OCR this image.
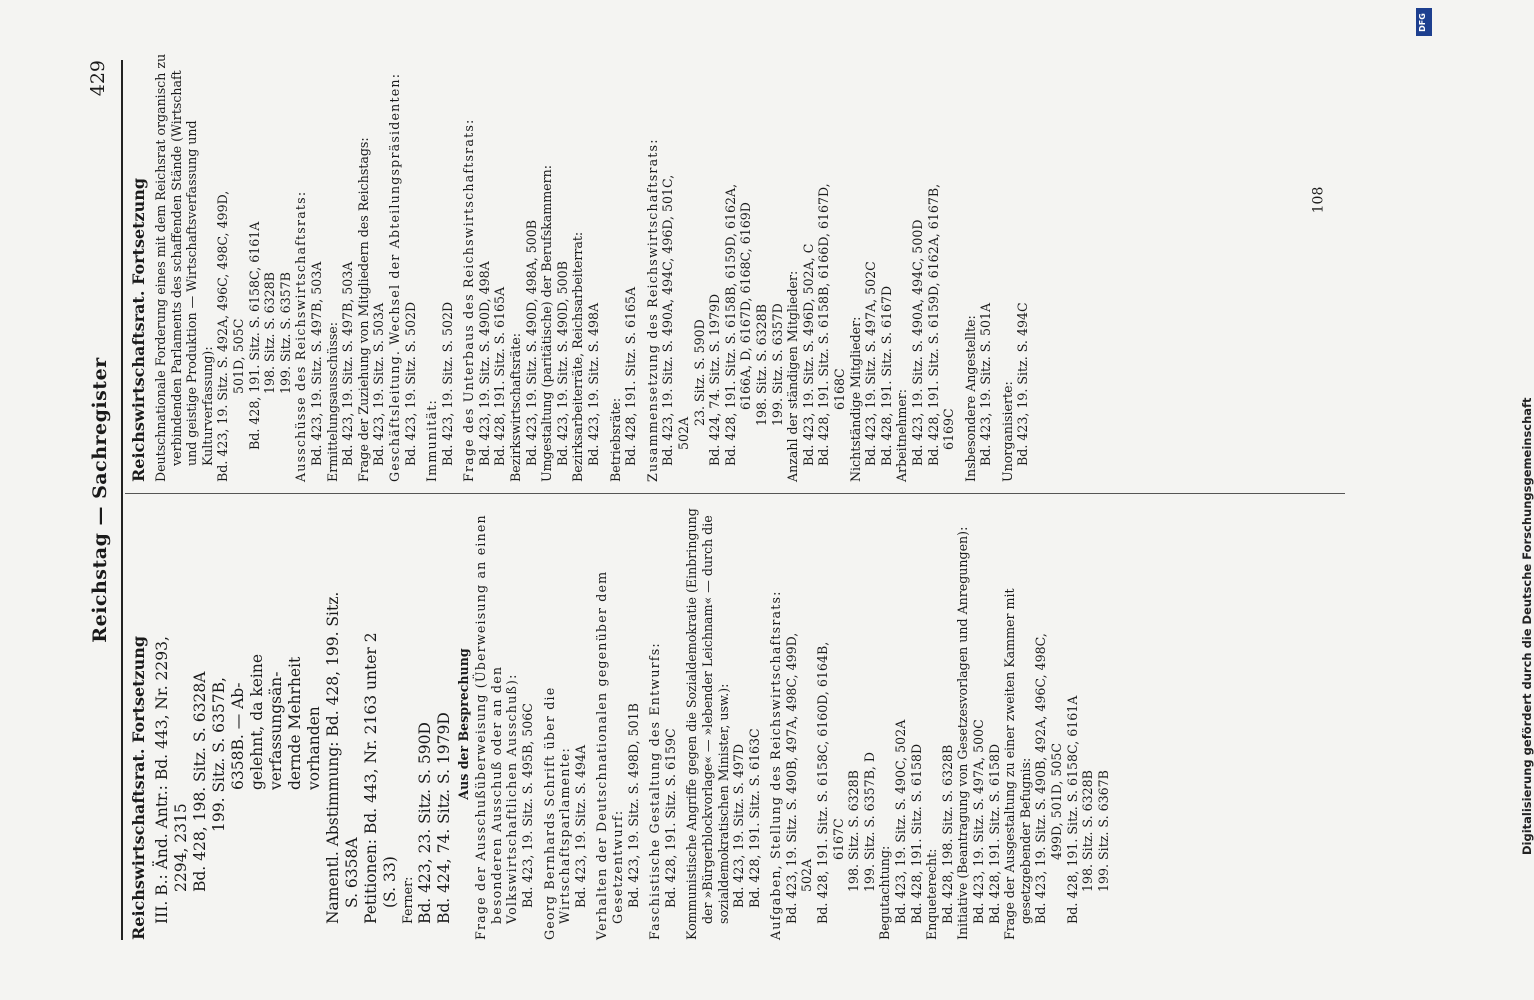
Reichstag — Sachregister
429

Reichswirtschaftsrat. Fortsetzung III. B.: Änd. Antr.: Bd. 443, Nr. 2293, 2294, 2315 Bd. 428, 198. Sitz. S. 6328A 199. Sitz. S. 6357B, 6358B. — Ab- gelehnt, da keine verfassungsän- dernde Mehrheit vorhanden Namentl. Abstimmung: Bd. 428, 199. Sitz. S. 6358A Petitionen: Bd. 443, Nr. 2163 unter 2 (S. 33) Ferner: Bd. 423, 23. Sitz. S. 590D Bd. 424, 74. Sitz. S. 1979D Aus der Besprechung Frage der Ausschußüberweisung (Überweisung an einen besonderen Ausschuß oder an den Volkswirtschaftlichen Ausschuß): Bd. 423, 19. Sitz. S. 495B, 506C Georg Bernhards Schrift über die Wirtschaftsparlamente: Bd. 423, 19. Sitz. S. 494A Verhalten der Deutschnationalen gegenüber dem Gesetzentwurf: Bd. 423, 19. Sitz. S. 498D, 501B Faschistische Gestaltung des Entwurfs: Bd. 428, 191. Sitz. S. 6159C Kommunistische Angriffe gegen die Sozialdemokratie (Einbringung der »Bürgerblockvorlage« — »lebender Leichnam« — durch die sozialdemokratischen Minister, usw.): Bd. 423, 19. Sitz. S. 497D Bd. 428, 191. Sitz. S. 6163C Aufgaben, Stellung des Reichswirtschaftsrats: Bd. 423, 19. Sitz. S. 490B, 497A, 498C, 499D, 502A Bd. 428, 191. Sitz. S. 6158C, 6160D, 6164B, 6167C 198. Sitz. S. 6328B 199. Sitz. S. 6357B, D

Begutachtung: Bd. 423, 19. Sitz. S. 490C, 502A Bd. 428, 191. Sitz. S. 6158D Enqueterecht: Bd. 428, 198. Sitz. S. 6328B Initiative (Beantragung von Gesetzesvorlagen und Anregungen): Bd. 423, 19. Sitz. S. 497A, 500C Bd. 428, 191. Sitz. S. 6158D Frage der Ausgestaltung zu einer zweiten Kammer mit gesetzgebender Befugnis: Bd. 423, 19. Sitz. S. 490B, 492A, 496C, 498C, 499D, 501D, 505C Bd. 428, 191. Sitz. S. 6158C, 6161A 198. Sitz. S. 6328B 199. Sitz. S. 6367B

Reichswirtschaftsrat. Fortsetzung Deutschnationale Forderung eines mit dem Reichsrat organisch zu verbindenden Parlaments des schaffenden Stände (Wirtschaft und geistige Produktion — Wirtschaftsverfassung und Kulturverfassung): Bd. 423, 19. Sitz. S. 492A, 496C, 498C, 499D, 501D, 505C Bd. 428, 191. Sitz. S. 6158C, 6161A 198. Sitz. S. 6328B 199. Sitz. S. 6357B Ausschüsse des Reichswirtschaftsrats: Bd. 423, 19. Sitz. S. 497B, 503A Ermittelungsausschüsse: Bd. 423, 19. Sitz. S. 497B, 503A Frage der Zuziehung von Mitgliedern des Reichstags: Bd. 423, 19. Sitz. S. 503A Geschäftsleitung. Wechsel der Abteilungspräsidenten: Bd. 423, 19. Sitz. S. 502D Immunität: Bd. 423, 19. Sitz. S. 502D Frage des Unterbaus des Reichswirtschaftsrats: Bd. 423, 19. Sitz. S. 490D, 498A Bd. 428, 191. Sitz. S. 6165A Bezirkswirtschaftsräte: Bd. 423, 19. Sitz. S. 490D, 498A, 500B Umgestaltung (paritätische) der Berufskammern: Bd. 423, 19. Sitz. S. 490D, 500B Bezirksarbeiterräte, Reichsarbeiterrat: Bd. 423, 19. Sitz. S. 498A Betriebsräte: Bd. 428, 191. Sitz. S. 6165A Zusammensetzung des Reichswirtschaftsrats: Bd. 423, 19. Sitz. S. 490A, 494C, 496D, 501C, 502A

23. Sitz. S. 590D Bd. 424, 74. Sitz. S. 1979D Bd. 428, 191. Sitz. S. 6158B, 6159D, 6162A, 6166A, D, 6167D, 6168C, 6169D 198. Sitz. S. 6328B 199. Sitz. S. 6357D Anzahl der ständigen Mitglieder: Bd. 423, 19. Sitz. S. 496D, 502A, C Bd. 428, 191. Sitz. S. 6158B, 6166D, 6167D, 6168C Nichtständige Mitglieder: Bd. 423, 19. Sitz. S. 497A, 502C Bd. 428, 191. Sitz. S. 6167D Arbeitnehmer: Bd. 423, 19. Sitz. S. 490A, 494C, 500D Bd. 428, 191. Sitz. S. 6159D, 6162A, 6167B, 6169C Insbesondere Angestellte: Bd. 423, 19. Sitz. S. 501A Unorganisierte: Bd. 423, 19. Sitz. S. 494C

108
DFG
Digitalisierung gefördert durch die Deutsche Forschungsgemeinschaft
